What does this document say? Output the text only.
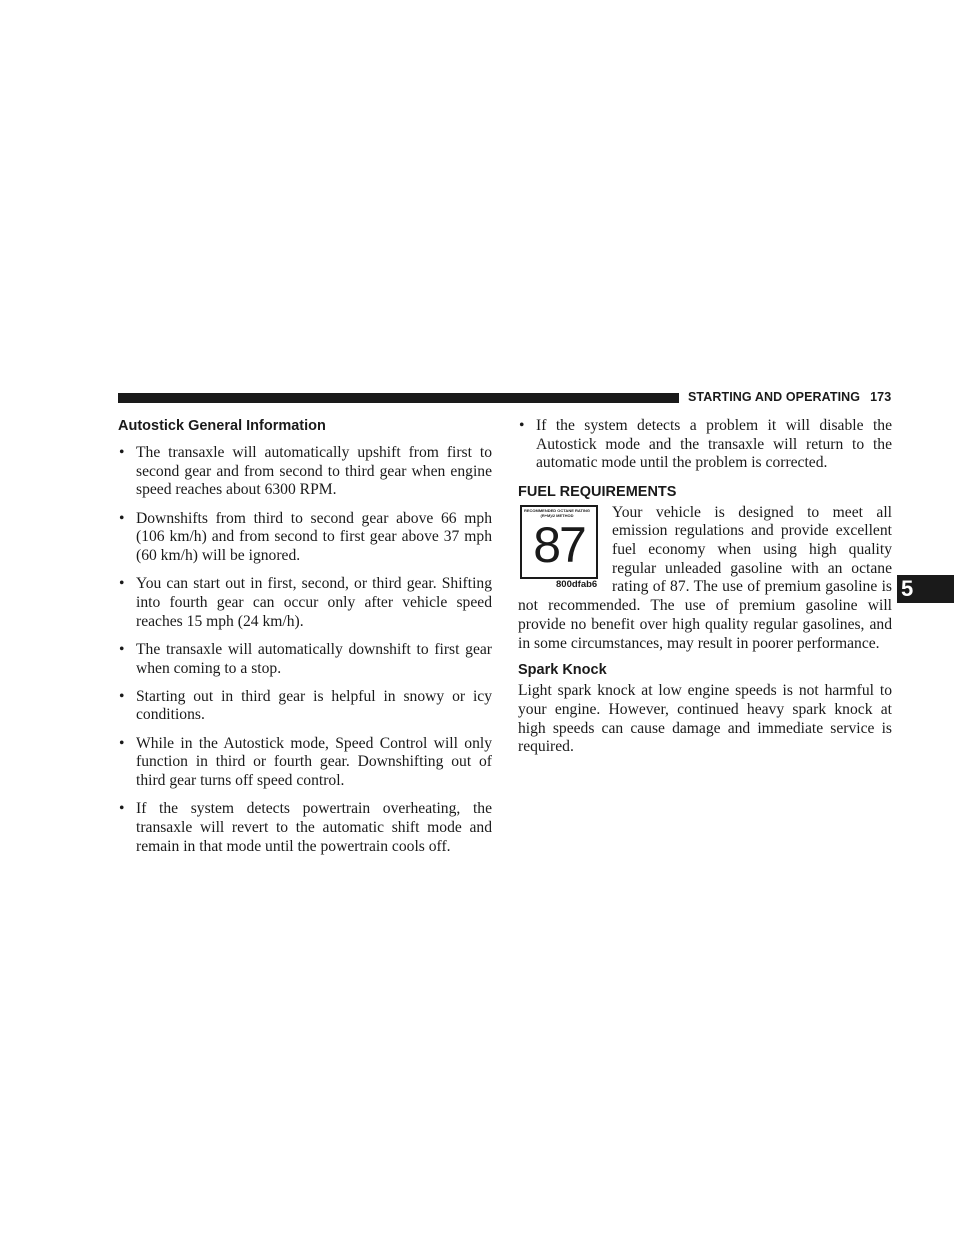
STARTING AND OPERATING 173
5
Autostick General Information
• The transaxle will automatically upshift from first to second gear and from second to third gear when engine speed reaches about 6300 RPM.
• Downshifts from third to second gear above 66 mph (106 km/h) and from second to first gear above 37 mph (60 km/h) will be ignored.
• You can start out in first, second, or third gear. Shifting into fourth gear can occur only after vehicle speed reaches 15 mph (24 km/h).
• The transaxle will automatically downshift to first gear when coming to a stop.
• Starting out in third gear is helpful in snowy or icy conditions.
• While in the Autostick mode, Speed Control will only function in third or fourth gear. Downshifting out of third gear turns off speed control.
• If the system detects powertrain overheating, the transaxle will revert to the automatic shift mode and remain in that mode until the powertrain cools off.
• If the system detects a problem it will disable the Autostick mode and the transaxle will return to the automatic mode until the problem is corrected.
FUEL REQUIREMENTS
RECOMMENDED OCTANE RATING (R+M)/2 METHOD
87
800dfab6

Your vehicle is designed to meet all emission regulations and provide excellent fuel economy when using high quality regular unleaded gasoline with an octane rating of 87. The use of premium gasoline is not recommended. The use of premium gasoline will provide no benefit over high quality regular gasolines, and in some circumstances, may result in poorer performance.

Spark Knock

Light spark knock at low engine speeds is not harmful to your engine. However, continued heavy spark knock at high speeds can cause damage and immediate service is required.
